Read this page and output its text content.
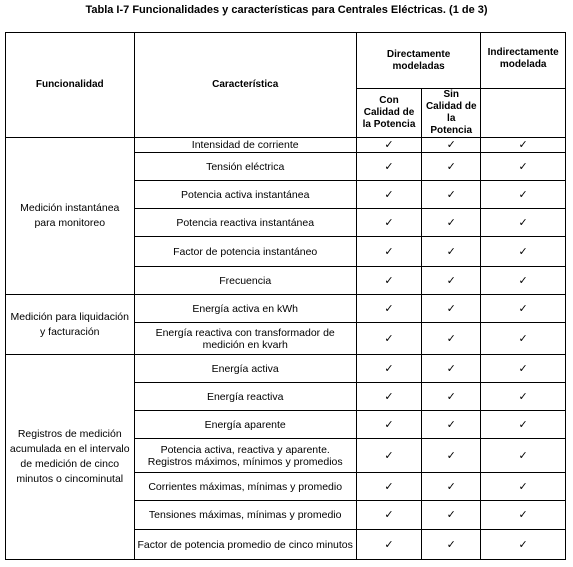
Tabla I-7 Funcionalidades y características para Centrales Eléctricas. (1 de 3)
Funcionalidad	Característica	Directamente modeladas		Indirectamente modelada
		Con Calidad de la Potencia	Sin Calidad de la Potencia	
Medición instantánea para monitoreo	Intensidad de corriente	✓	✓	✓
	Tensión eléctrica	✓	✓	✓
	Potencia activa instantánea	✓	✓	✓
	Potencia reactiva instantánea	✓	✓	✓
	Factor de potencia instantáneo	✓	✓	✓
	Frecuencia	✓	✓	✓
Medición para liquidación y facturación	Energía activa en kWh	✓	✓	✓
	Energía reactiva con transformador de medición en kvarh	✓	✓	✓
Registros de medición acumulada en el intervalo de medición de cinco minutos o cincominutal	Energía activa	✓	✓	✓
	Energía reactiva	✓	✓	✓
	Energía aparente	✓	✓	✓
	Potencia activa, reactiva y aparente. Registros máximos, mínimos y promedios	✓	✓	✓
	Corrientes máximas, mínimas y promedio	✓	✓	✓
	Tensiones máximas, mínimas y promedio	✓	✓	✓
	Factor de potencia promedio de cinco minutos	✓	✓	✓
